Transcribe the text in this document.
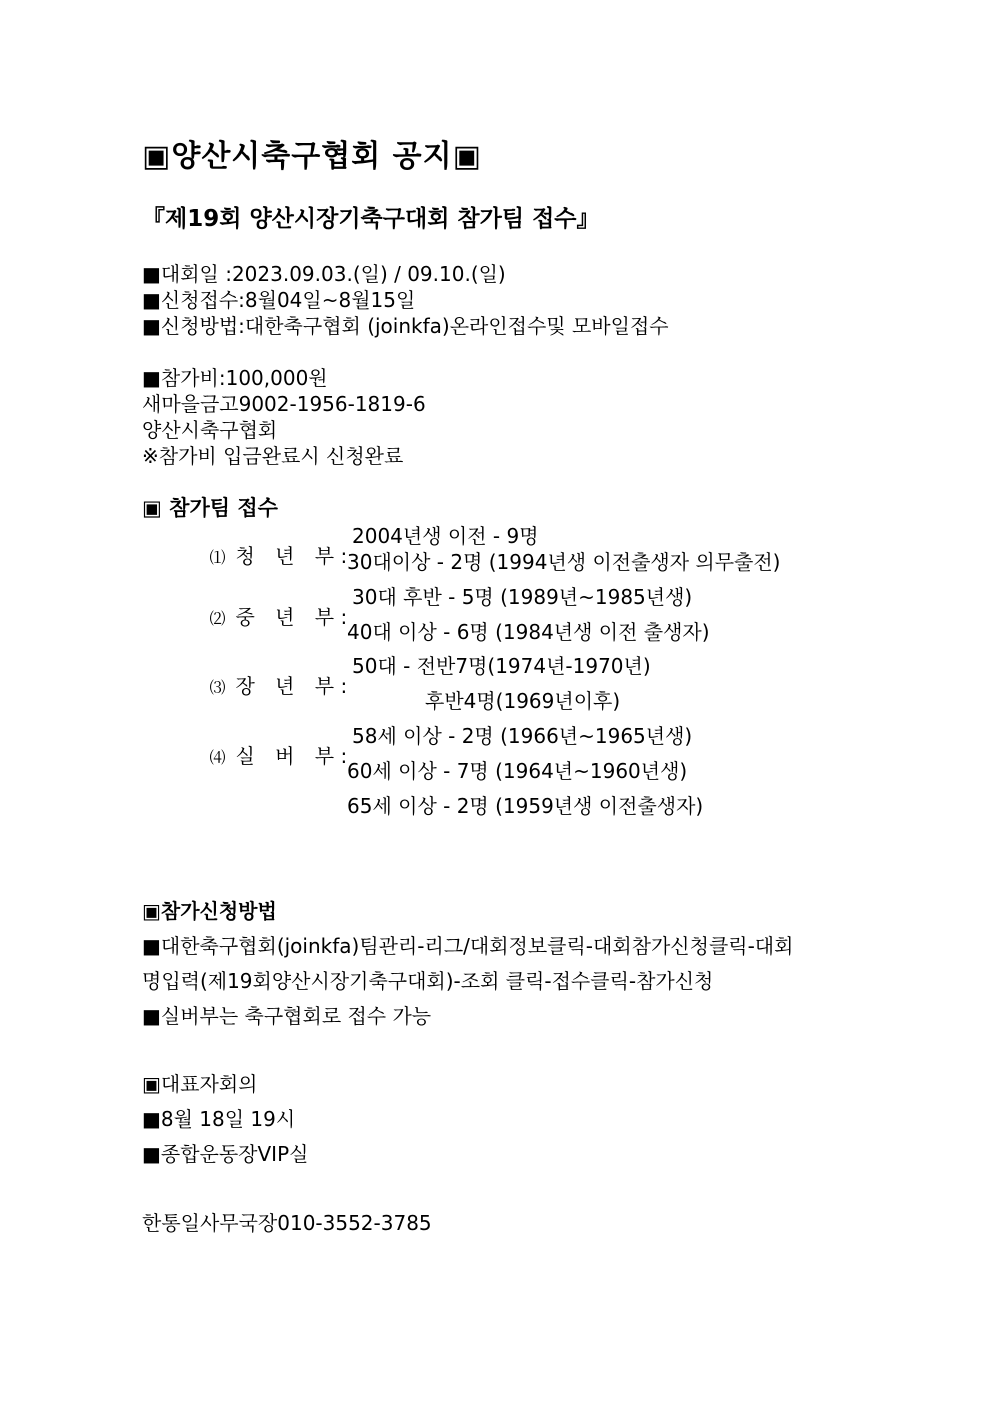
▣양산시축구협회 공지▣
『제19회 양산시장기축구대회 참가팀 접수』
■대회일 :2023.09.03.(일) / 09.10.(일)
■신청접수:8월04일~8월15일
■신청방법:대한축구협회 (joinkfa)온라인접수및 모바일접수
■참가비:100,000원
새마을금고9002-1956-1819-6
양산시축구협회
※참가비 입금완료시 신청완료
▣ 참가팀 접수

⑴ 청 년 부 :

2004년생 이전 - 9명
30대이상 - 2명 (1994년생 이전출생자 의무출전)

⑵ 중 년 부 :

30대 후반 - 5명 (1989년~1985년생)
40대 이상 - 6명 (1984년생 이전 출생자)

⑶ 장 년 부 :

50대 - 전반7명(1974년-1970년)
후반4명(1969년이후)

⑷ 실 버 부 :

58세 이상 - 2명 (1966년~1965년생)
60세 이상 - 7명 (1964년~1960년생)
65세 이상 - 2명 (1959년생 이전출생자)
▣참가신청방법
■대한축구협회(joinkfa)팀관리-리그/대회정보클릭-대회참가신청클릭-대회
명입력(제19회양산시장기축구대회)-조회 클릭-접수클릭-참가신청
■실버부는 축구협회로 접수 가능
▣대표자회의
■8월 18일 19시
■종합운동장VIP실
한통일사무국장010-3552-3785
